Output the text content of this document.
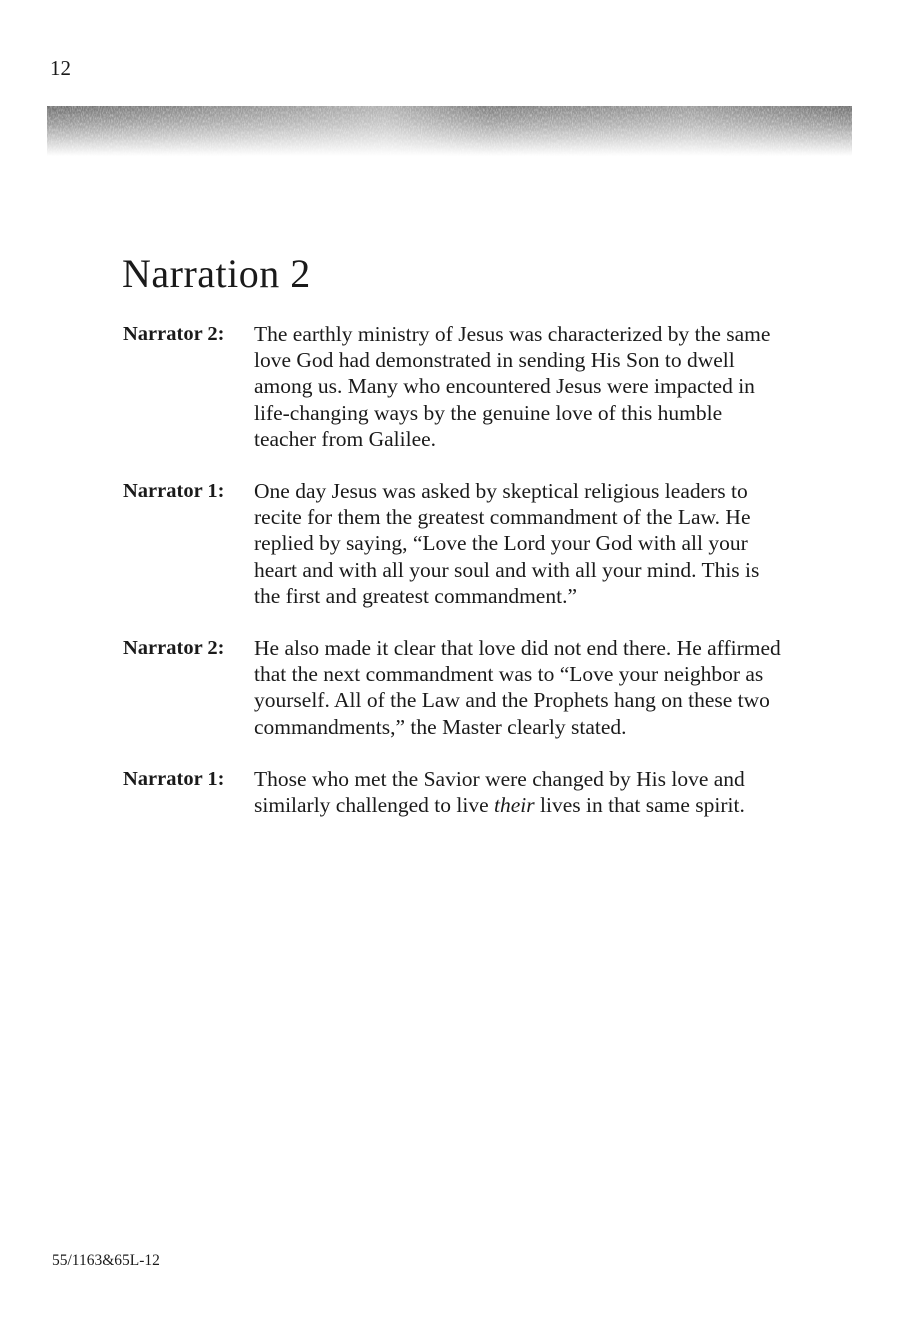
12
Narration 2
Narrator 2:	The earthly ministry of Jesus was characterized by the same love God had demonstrated in sending His Son to dwell among us. Many who encountered Jesus were impacted in life-changing ways by the genuine love of this humble teacher from Galilee.
Narrator 1:	One day Jesus was asked by skeptical religious leaders to recite for them the greatest commandment of the Law. He replied by saying, “Love the Lord your God with all your heart and with all your soul and with all your mind. This is the first and greatest commandment.”
Narrator 2:	He also made it clear that love did not end there. He affirmed that the next commandment was to “Love your neighbor as yourself. All of the Law and the Prophets hang on these two commandments,” the Master clearly stated.
Narrator 1:	Those who met the Savior were changed by His love and similarly challenged to live their lives in that same spirit.
55/1163&65L-12
